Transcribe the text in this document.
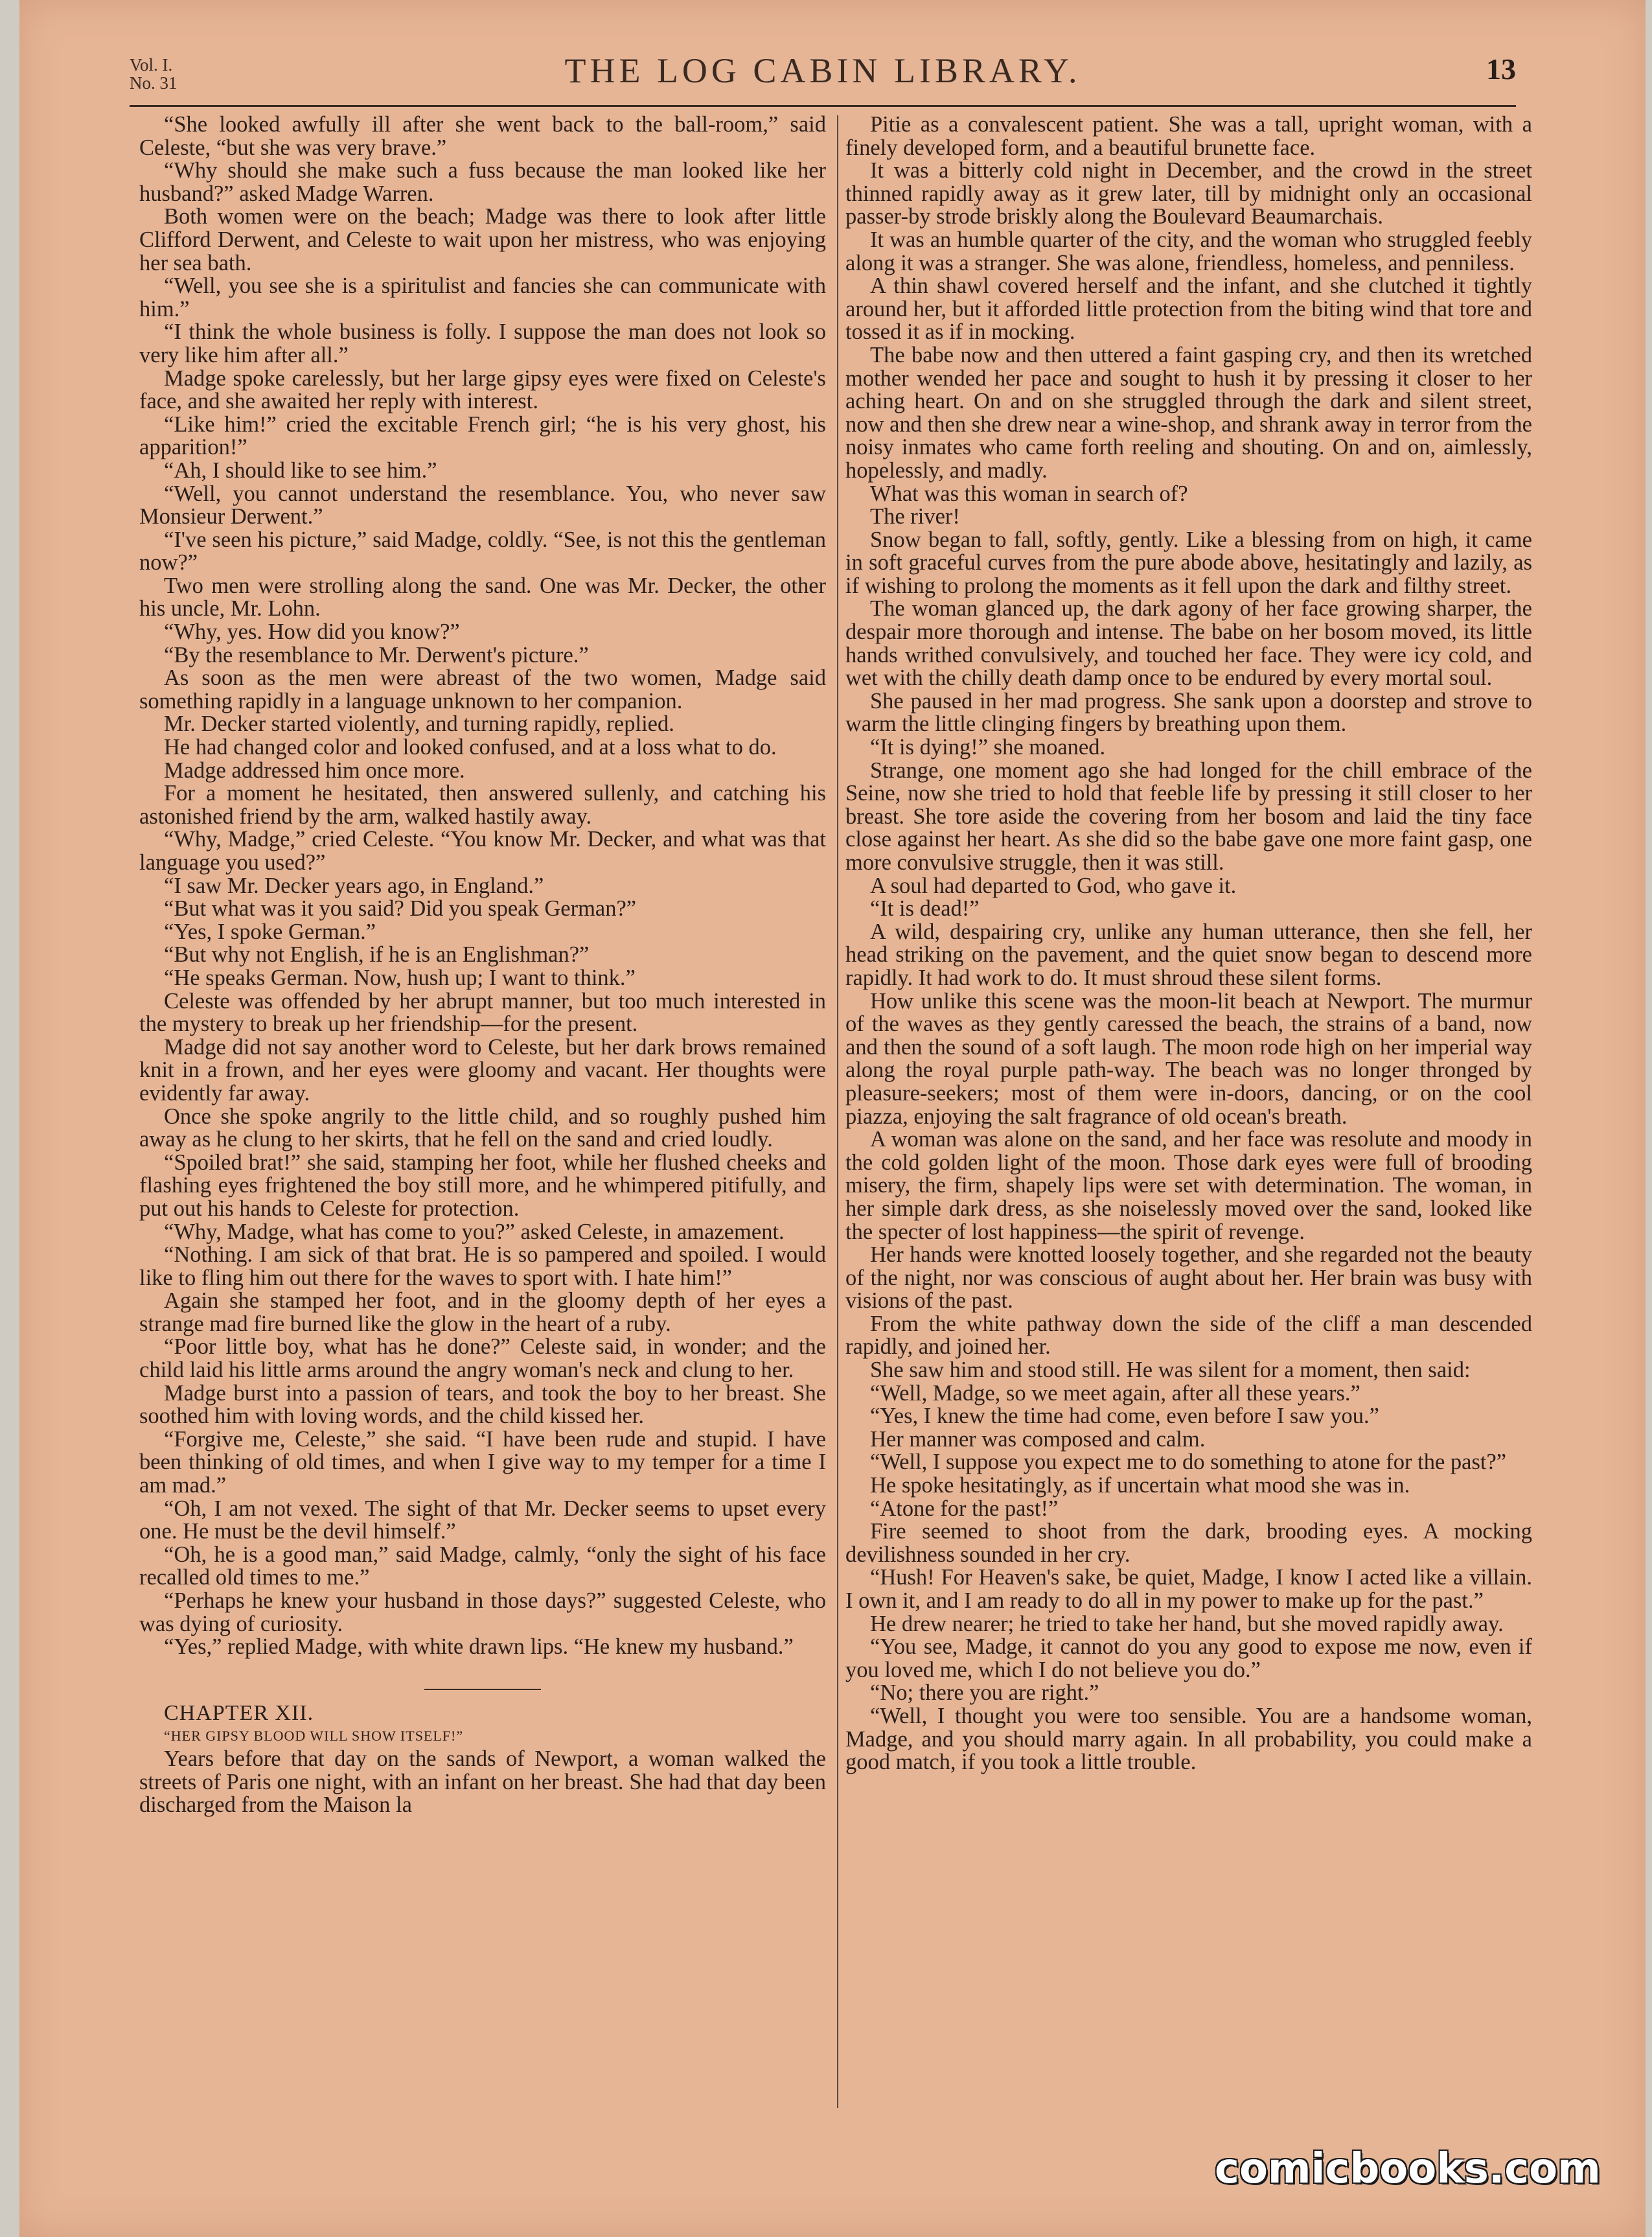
Vol. I.
No. 31	THE LOG CABIN LIBRARY.	13

“She looked awfully ill after she went back to the ball-room,” said Celeste, “but she was very brave.”

“Why should she make such a fuss because the man looked like her husband?” asked Madge Warren.

Both women were on the beach; Madge was there to look after little Clifford Derwent, and Celeste to wait upon her mistress, who was enjoying her sea bath.

“Well, you see she is a spiritulist and fancies she can communicate with him.”

“I think the whole business is folly. I suppose the man does not look so very like him after all.”

Madge spoke carelessly, but her large gipsy eyes were fixed on Celeste's face, and she awaited her reply with interest.

“Like him!” cried the excitable French girl; “he is his very ghost, his apparition!”

“Ah, I should like to see him.”

“Well, you cannot understand the resemblance. You, who never saw Monsieur Derwent.”

“I've seen his picture,” said Madge, coldly. “See, is not this the gentleman now?”

Two men were strolling along the sand. One was Mr. Decker, the other his uncle, Mr. Lohn.

“Why, yes. How did you know?”

“By the resemblance to Mr. Derwent's picture.”

As soon as the men were abreast of the two women, Madge said something rapidly in a language unknown to her companion.

Mr. Decker started violently, and turning rapidly, replied.

He had changed color and looked confused, and at a loss what to do.

Madge addressed him once more.

For a moment he hesitated, then answered sullenly, and catching his astonished friend by the arm, walked hastily away.

“Why, Madge,” cried Celeste. “You know Mr. Decker, and what was that language you used?”

“I saw Mr. Decker years ago, in England.”

“But what was it you said? Did you speak German?”

“Yes, I spoke German.”

“But why not English, if he is an Englishman?”

“He speaks German. Now, hush up; I want to think.”

Celeste was offended by her abrupt manner, but too much interested in the mystery to break up her friendship—for the present.

Madge did not say another word to Celeste, but her dark brows remained knit in a frown, and her eyes were gloomy and vacant. Her thoughts were evidently far away.

Once she spoke angrily to the little child, and so roughly pushed him away as he clung to her skirts, that he fell on the sand and cried loudly.

“Spoiled brat!” she said, stamping her foot, while her flushed cheeks and flashing eyes frightened the boy still more, and he whimpered pitifully, and put out his hands to Celeste for protection.

“Why, Madge, what has come to you?” asked Celeste, in amazement.

“Nothing. I am sick of that brat. He is so pampered and spoiled. I would like to fling him out there for the waves to sport with. I hate him!”

Again she stamped her foot, and in the gloomy depth of her eyes a strange mad fire burned like the glow in the heart of a ruby.

“Poor little boy, what has he done?” Celeste said, in wonder; and the child laid his little arms around the angry woman's neck and clung to her.

Madge burst into a passion of tears, and took the boy to her breast. She soothed him with loving words, and the child kissed her.

“Forgive me, Celeste,” she said. “I have been rude and stupid. I have been thinking of old times, and when I give way to my temper for a time I am mad.”

“Oh, I am not vexed. The sight of that Mr. Decker seems to upset every one. He must be the devil himself.”

“Oh, he is a good man,” said Madge, calmly, “only the sight of his face recalled old times to me.”

“Perhaps he knew your husband in those days?” suggested Celeste, who was dying of curiosity.

“Yes,” replied Madge, with white drawn lips. “He knew my husband.”

CHAPTER XII.

“HER GIPSY BLOOD WILL SHOW ITSELF!”

Years before that day on the sands of Newport, a woman walked the streets of Paris one night, with an infant on her breast. She had that day been discharged from the Maison la

Pitie as a convalescent patient. She was a tall, upright woman, with a finely developed form, and a beautiful brunette face.

It was a bitterly cold night in December, and the crowd in the street thinned rapidly away as it grew later, till by midnight only an occasional passer-by strode briskly along the Boulevard Beaumarchais.

It was an humble quarter of the city, and the woman who struggled feebly along it was a stranger. She was alone, friendless, homeless, and penniless.

A thin shawl covered herself and the infant, and she clutched it tightly around her, but it afforded little protection from the biting wind that tore and tossed it as if in mocking.

The babe now and then uttered a faint gasping cry, and then its wretched mother wended her pace and sought to hush it by pressing it closer to her aching heart. On and on she struggled through the dark and silent street, now and then she drew near a wine-shop, and shrank away in terror from the noisy inmates who came forth reeling and shouting. On and on, aimlessly, hopelessly, and madly.

What was this woman in search of?

The river!

Snow began to fall, softly, gently. Like a blessing from on high, it came in soft graceful curves from the pure abode above, hesitatingly and lazily, as if wishing to prolong the moments as it fell upon the dark and filthy street.

The woman glanced up, the dark agony of her face growing sharper, the despair more thorough and intense. The babe on her bosom moved, its little hands writhed convulsively, and touched her face. They were icy cold, and wet with the chilly death damp once to be endured by every mortal soul.

She paused in her mad progress. She sank upon a doorstep and strove to warm the little clinging fingers by breathing upon them.

“It is dying!” she moaned.

Strange, one moment ago she had longed for the chill embrace of the Seine, now she tried to hold that feeble life by pressing it still closer to her breast. She tore aside the covering from her bosom and laid the tiny face close against her heart. As she did so the babe gave one more faint gasp, one more convulsive struggle, then it was still.

A soul had departed to God, who gave it.

“It is dead!”

A wild, despairing cry, unlike any human utterance, then she fell, her head striking on the pavement, and the quiet snow began to descend more rapidly. It had work to do. It must shroud these silent forms.

How unlike this scene was the moon-lit beach at Newport. The murmur of the waves as they gently caressed the beach, the strains of a band, now and then the sound of a soft laugh. The moon rode high on her imperial way along the royal purple path-way. The beach was no longer thronged by pleasure-seekers; most of them were in-doors, dancing, or on the cool piazza, enjoying the salt fragrance of old ocean's breath.

A woman was alone on the sand, and her face was resolute and moody in the cold golden light of the moon. Those dark eyes were full of brooding misery, the firm, shapely lips were set with determination. The woman, in her simple dark dress, as she noiselessly moved over the sand, looked like the specter of lost happiness—the spirit of revenge.

Her hands were knotted loosely together, and she regarded not the beauty of the night, nor was conscious of aught about her. Her brain was busy with visions of the past.

From the white pathway down the side of the cliff a man descended rapidly, and joined her.

She saw him and stood still. He was silent for a moment, then said:

“Well, Madge, so we meet again, after all these years.”

“Yes, I knew the time had come, even before I saw you.”

Her manner was composed and calm.

“Well, I suppose you expect me to do something to atone for the past?”

He spoke hesitatingly, as if uncertain what mood she was in.

“Atone for the past!”

Fire seemed to shoot from the dark, brooding eyes. A mocking devilishness sounded in her cry.

“Hush! For Heaven's sake, be quiet, Madge, I know I acted like a villain. I own it, and I am ready to do all in my power to make up for the past.”

He drew nearer; he tried to take her hand, but she moved rapidly away.

“You see, Madge, it cannot do you any good to expose me now, even if you loved me, which I do not believe you do.”

“No; there you are right.”

“Well, I thought you were too sensible. You are a handsome woman, Madge, and you should marry again. In all probability, you could make a good match, if you took a little trouble.

comicbooks.com
